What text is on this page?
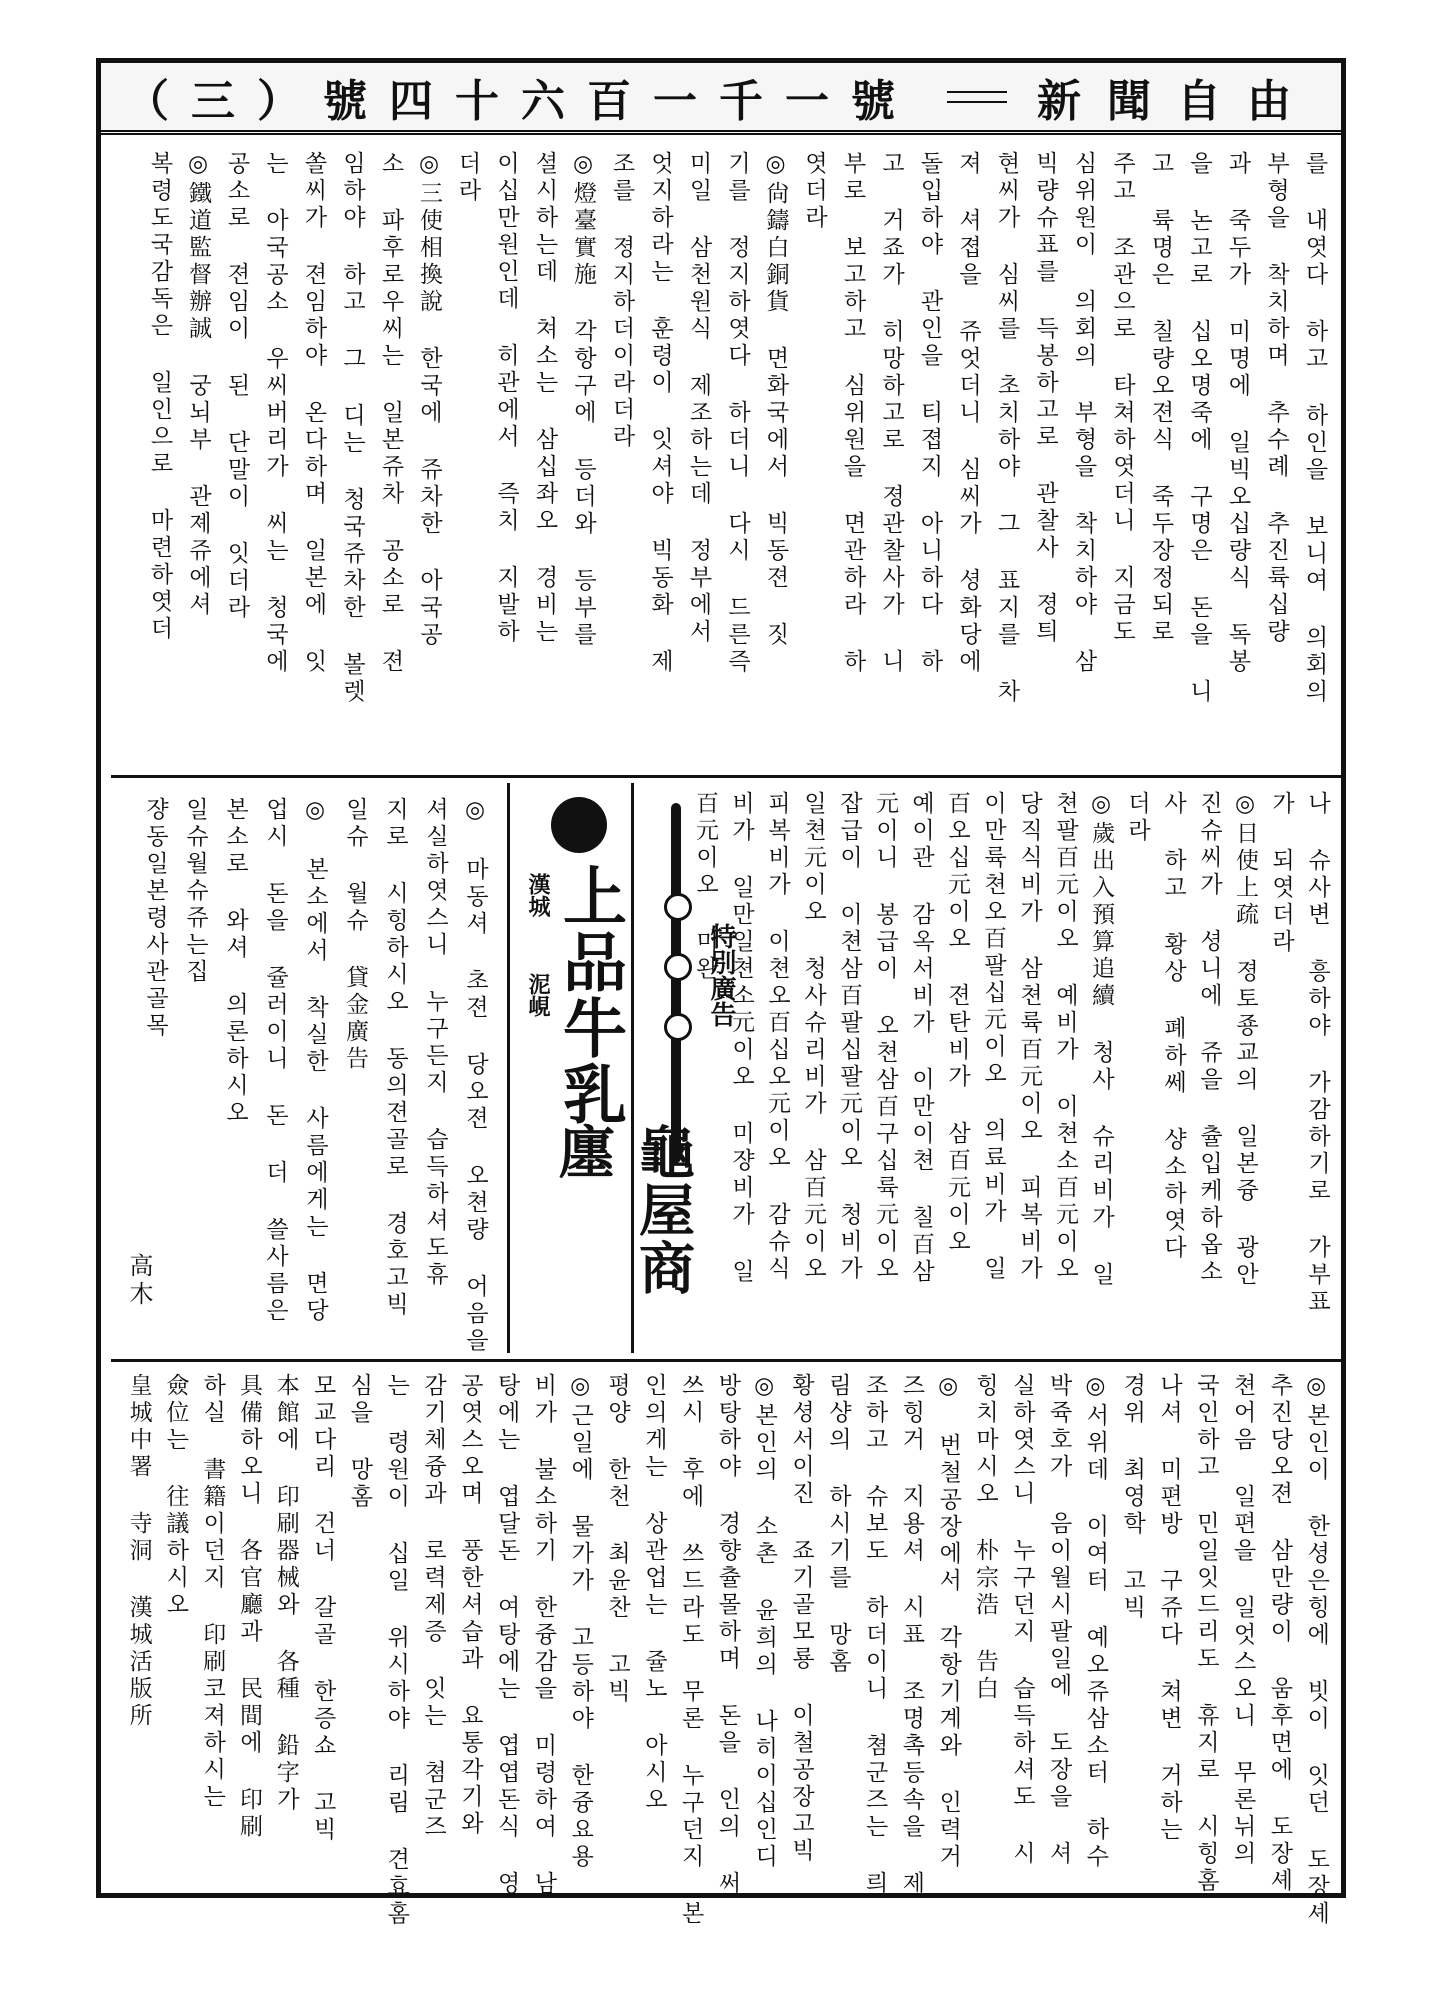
（三） 號四十六百一千一號	新聞自由
를 내엿다 하고 하인을 보니여 의회의
부형을 착치하며 추수례 추진륙십량
과 죽두가 미명에 일빅오십량식 독봉
을 논고로 십오명죽에 구명은 돈을 니
고 륙명은 칠량오젼식 죽두장정되로
주고 조관으로 타쳐하엿더니 지금도
심위원이 의회의 부형을 착치하야 삼
빅량슈표를 득봉하고로 관찰사 졍틔
현씨가 심씨를 초치하야 그 표지를 차
져 셔졉을 쥬엇더니 심씨가 셩화당에
돌입하야 관인을 티졉지 아니하다 하
고 거죠가 히망하고로 졍관찰사가 니
부로 보고하고 심위원을 면관하라 하
엿더라
◎尙鑄白銅貨 면화국에서 빅동젼 짓
기를 정지하엿다 하더니 다시 드른즉
미일 삼천원식 제조하는데 정부에서
엇지하라는 훈령이 잇셔야 빅동화 제
조를 졍지하더이라더라
◎燈臺實施 각항구에 등더와 등부를
셜시하는데 쳐소는 삼십좌오 경비는
이십만원인데 히관에서 즉치 지발하
더라
◎三使相換說 한국에 쥬차한 아국공
소 파후로우씨는 일본쥬차 공소로 젼
임하야 하고 그 디는 청국쥬차한 볼렛
쏠씨가 젼임하야 온다하며 일본에 잇
는 아국공소 우씨버리가 씨는 청국에
공소로 젼임이 된 단말이 잇더라
◎鐵道監督辦誠 궁뇌부 관졔쥬에셔
복령도국감독은 일인으로 마련하엿더
나 슈사변 흥하야 가감하기로 가부표
가 되엿더라
◎日使上疏 졍토죵교의 일본즁 광안
진슈씨가 셩니에 쥬을 츌입케하옵소
사 하고 황상 폐하쎄 샹소하엿다
더라
◎歲出入預算追續 청사 슈리비가 일
쳔팔百元이오 예비가 이쳔소百元이오
당직식비가 삼쳔륙百元이오 피복비가
이만륙쳔오百팔십元이오 의료비가 일
百오십元이오 젼탄비가 삼百元이오
예이관 감옥서비가 이만이쳔 칠百삼
元이니 봉급이 오쳔삼百구십륙元이오
잡급이 이쳔삼百팔십팔元이오 청비가
일쳔元이오 청사슈리비가 삼百元이오
피복비가 이쳔오百십오元이오 감슈식
비가 일만일쳔소元이오 미쟝비가 일
百元이오 미완
特別廣告
上品牛乳
漢城
泥峴
龜屋商廛
◎ 마동셔 초젼 당오젼 오쳔량 어음을
셔실하엿스니 누구든지 습득하셔도휴
지로 시힝하시오 동의젼골로 경호고빅
일슈 월슈 貸金廣告
◎ 본소에서 착실한 사름에게는 면당
업시 돈을 쥴러이니 돈 더 쓸사름은
본소로 와셔 의론하시오
일슈월슈쥬는집
쟝동일본령사관골목
高木
◎본인이 한셩은힝에 빗이 잇던 도장셰
추진당오젼 삼만량이 움후면에 도장셰
쳔어음 일편을 일엇스오니 무론뉘의
국인하고 민일잇드리도 휴지로 시힝홈
나셔 미편방 구쥬다 쳐변 거하는
경위 최영학 고빅
◎서위데 이여터 예오쥬삼소터 하수
박쥭호가 음이월시팔일에 도장을 셔
실하엿스니 누구던지 습득하셔도 시
힝치마시오 朴宗浩 告白
◎ 번철공장에서 각항기계와 인력거
즈힝거 지용셔 시표 조명촉등속을 제
조하고 슈보도 하더이니 쳠군즈는 릐
림샹의 하시기를 망홈
황셩서이진 죠기골모룡 이철공장고빅
◎본인의 소촌 윤희의 나히이십인디
방탕하야 경향츌몰하며 돈을 인의 써
쓰시 후에 쓰드라도 무론 누구던지 본
인의게는 상관업는 쥴노 아시오
평양 한천 최윤찬 고빅
◎근일에 물가가 고등하야 한즁요용
비가 불소하기 한즁감을 미령하여 남
탕에는 엽달돈 여탕에는 엽엽돈식 영
공엿스오며 풍한셔습과 요통각기와
감기체즁과 로력제증 잇는 쳠군즈
는 령원이 십일 위시하야 리림 견효홈
심을 망홈
모교다리 건너 갈골 한증쇼 고빅
本館에 印刷器械와 各種 鉛字가
具備하오니 各官廳과 民間에 印刷
하실 書籍이던지 印刷코져하시는
僉位는 往議하시오
皇城中署 寺洞 漢城活版所
